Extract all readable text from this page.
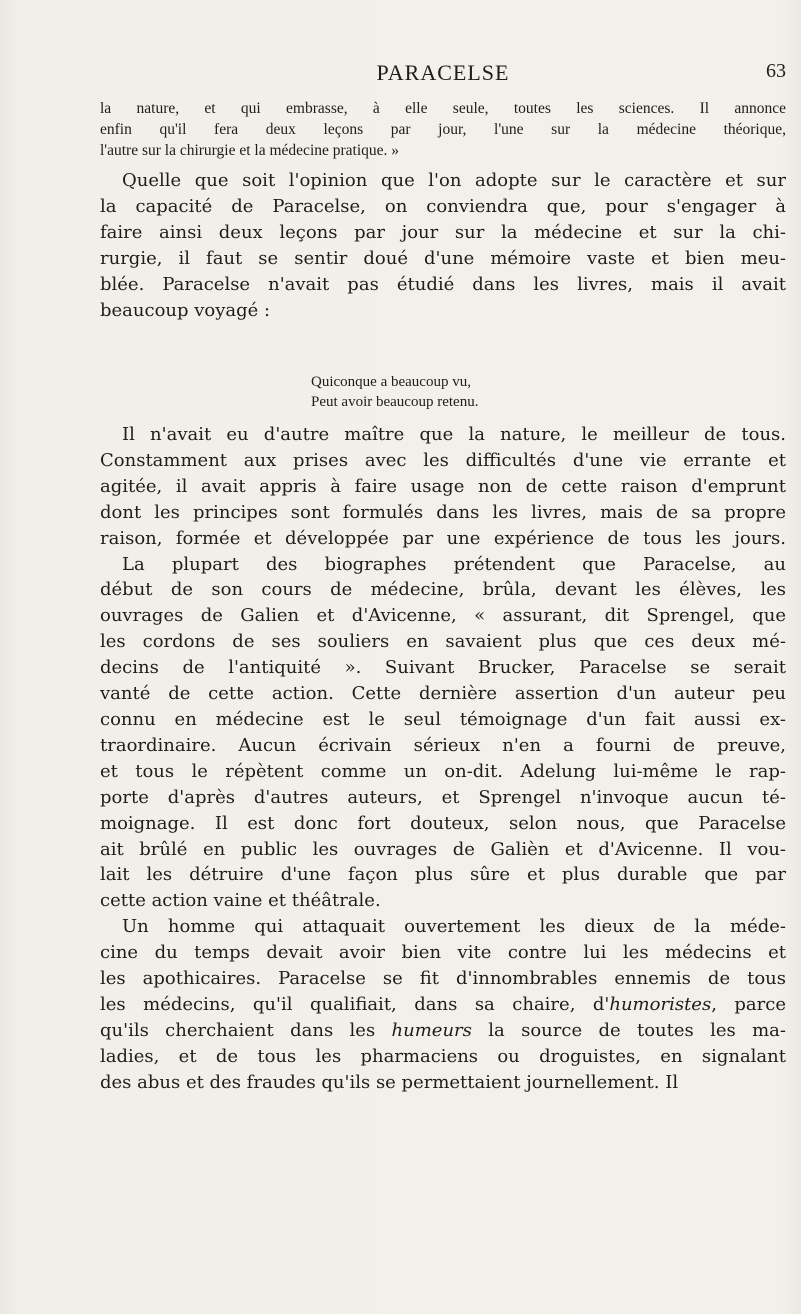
PARACELSE	63
la nature, et qui embrasse, à elle seule, toutes les sciences. Il annonce
enfin qu'il fera deux leçons par jour, l'une sur la médecine théorique,
l'autre sur la chirurgie et la médecine pratique. »
Quelle que soit l'opinion que l'on adopte sur le caractère et sur
la capacité de Paracelse, on conviendra que, pour s'engager à
faire ainsi deux leçons par jour sur la médecine et sur la chi-
rurgie, il faut se sentir doué d'une mémoire vaste et bien meu-
blée. Paracelse n'avait pas étudié dans les livres, mais il avait
beaucoup voyagé :
Quiconque a beaucoup vu,
Peut avoir beaucoup retenu.
Il n'avait eu d'autre maître que la nature, le meilleur de tous.
Constamment aux prises avec les difficultés d'une vie errante et
agitée, il avait appris à faire usage non de cette raison d'emprunt
dont les principes sont formulés dans les livres, mais de sa propre
raison, formée et développée par une expérience de tous les jours.
La plupart des biographes prétendent que Paracelse, au
début de son cours de médecine, brûla, devant les élèves, les
ouvrages de Galien et d'Avicenne, « assurant, dit Sprengel, que
les cordons de ses souliers en savaient plus que ces deux mé-
decins de l'antiquité ». Suivant Brucker, Paracelse se serait
vanté de cette action. Cette dernière assertion d'un auteur peu
connu en médecine est le seul témoignage d'un fait aussi ex-
traordinaire. Aucun écrivain sérieux n'en a fourni de preuve,
et tous le répètent comme un on-dit. Adelung lui-même le rap-
porte d'après d'autres auteurs, et Sprengel n'invoque aucun té-
moignage. Il est donc fort douteux, selon nous, que Paracelse
ait brûlé en public les ouvrages de Galièn et d'Avicenne. Il vou-
lait les détruire d'une façon plus sûre et plus durable que par
cette action vaine et théâtrale.
Un homme qui attaquait ouvertement les dieux de la méde-
cine du temps devait avoir bien vite contre lui les médecins et
les apothicaires. Paracelse se fit d'innombrables ennemis de tous
les médecins, qu'il qualifiait, dans sa chaire, d'humoristes, parce
qu'ils cherchaient dans les humeurs la source de toutes les ma-
ladies, et de tous les pharmaciens ou droguistes, en signalant
des abus et des fraudes qu'ils se permettaient journellement. Il
